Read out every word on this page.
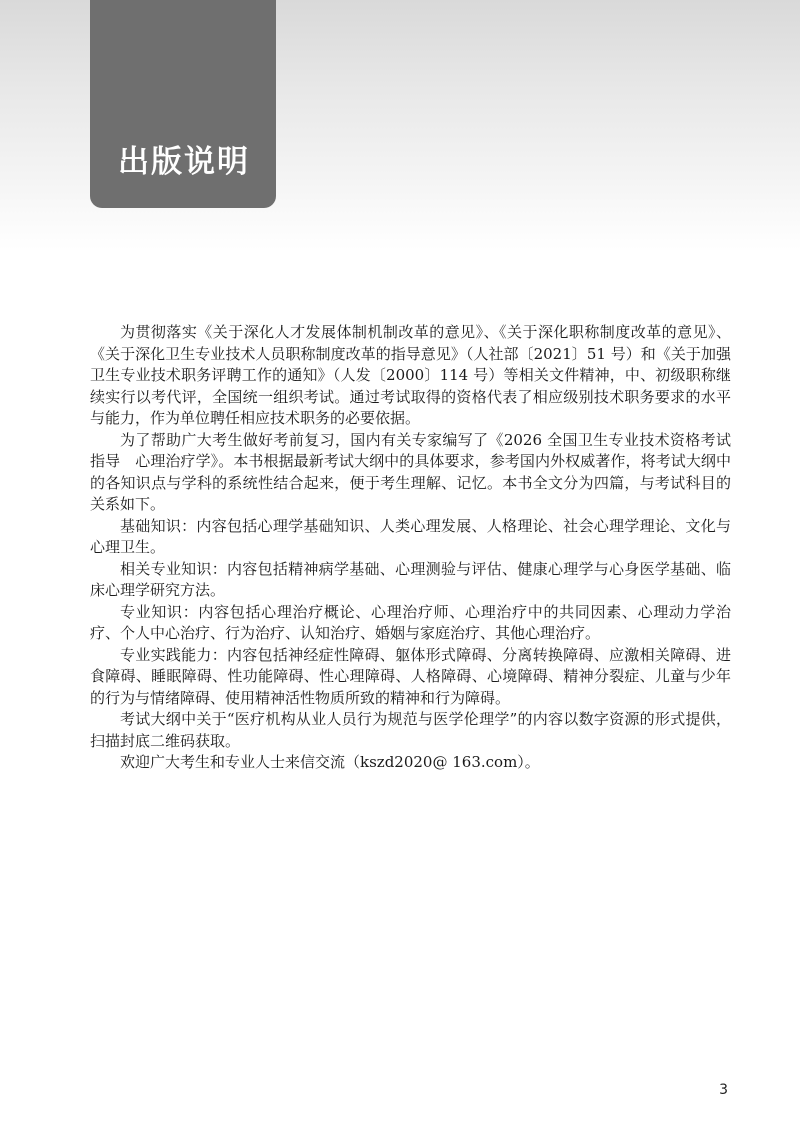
出版说明

为贯彻落实《关于深化人才发展体制机制改革的意见》、《关于深化职称制度改革的意见》、《关于深化卫生专业技术人员职称制度改革的指导意见》（人社部〔2021〕51 号）和《关于加强卫生专业技术职务评聘工作的通知》（人发〔2000〕114 号）等相关文件精神，中、初级职称继续实行以考代评，全国统一组织考试。通过考试取得的资格代表了相应级别技术职务要求的水平与能力，作为单位聘任相应技术职务的必要依据。

为了帮助广大考生做好考前复习，国内有关专家编写了《2026 全国卫生专业技术资格考试指导　心理治疗学》。本书根据最新考试大纲中的具体要求，参考国内外权威著作，将考试大纲中的各知识点与学科的系统性结合起来，便于考生理解、记忆。本书全文分为四篇，与考试科目的关系如下。

基础知识：内容包括心理学基础知识、人类心理发展、人格理论、社会心理学理论、文化与心理卫生。

相关专业知识：内容包括精神病学基础、心理测验与评估、健康心理学与心身医学基础、临床心理学研究方法。

专业知识：内容包括心理治疗概论、心理治疗师、心理治疗中的共同因素、心理动力学治疗、个人中心治疗、行为治疗、认知治疗、婚姻与家庭治疗、其他心理治疗。

专业实践能力：内容包括神经症性障碍、躯体形式障碍、分离转换障碍、应激相关障碍、进食障碍、睡眠障碍、性功能障碍、性心理障碍、人格障碍、心境障碍、精神分裂症、儿童与少年的行为与情绪障碍、使用精神活性物质所致的精神和行为障碍。

考试大纲中关于“医疗机构从业人员行为规范与医学伦理学”的内容以数字资源的形式提供，扫描封底二维码获取。

欢迎广大考生和专业人士来信交流（kszd2020@ 163.com）。

3
